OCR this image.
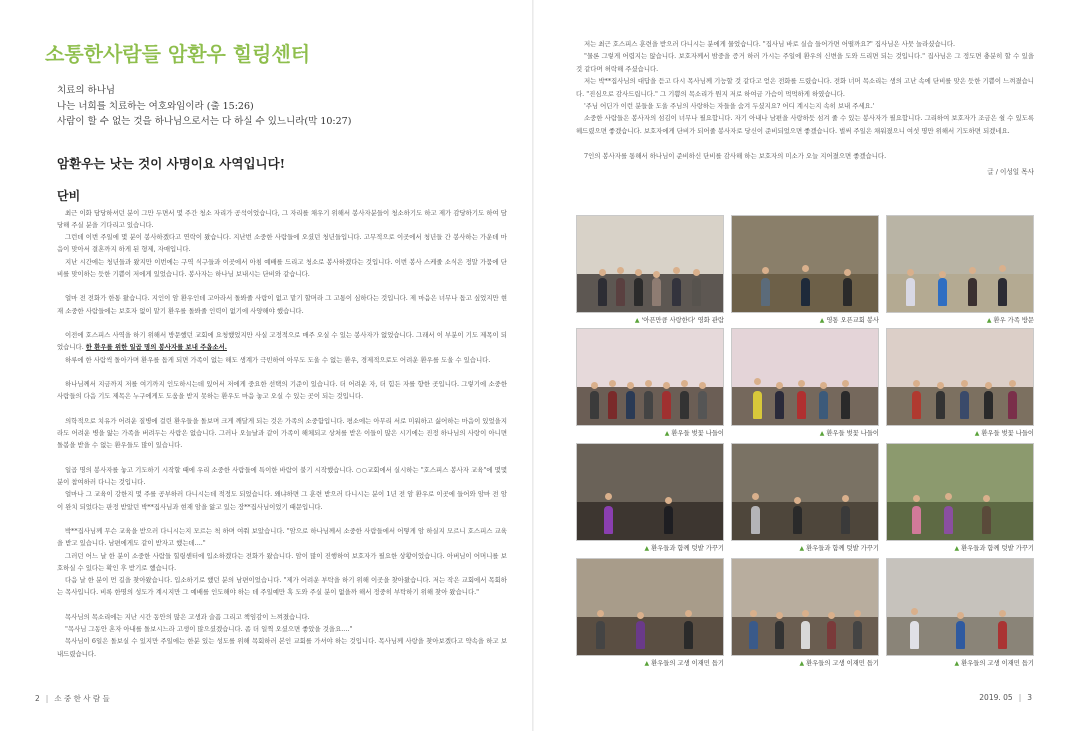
소통한사람들 암환우 힐링센터
치료의 하나님
나는 너희를 치료하는 여호와임이라 (출 15:26)
사람이 할 수 없는 것을 하나님으로서는 다 하실 수 있느니라(막 10:27)
암환우는 낫는 것이 사명이요 사역입니다!
단비

최근 이화 담당하셔던 분이 그만 두면서 몇 주간 청소 자리가 공석이었습니다, 그 자리를 채우기 위해서 봉사자분들이 청소하기도 하고 제가 감당하기도 하여 담당해 주실 분을 기다리고 있습니다.

그런데 이번 주일에 몇 분이 봉사하겠다고 연락이 왔습니다. 지난번 소중한 사람들에 오셨던 청년들입니다. 고무적으로 이곳에서 청년들 간 봉사하는 가운데 마음이 맞아서 결혼까지 하게 된 형제, 자매입니다.

지난 시간에는 청년들과 왔지만 이번에는 구역 식구들과 이곳에서 아침 예배를 드리고 청소로 봉사하겠다는 것입니다. 이번 봉사 스케줄 소식은 정말 가뭄에 단비를 맞이하는 듯한 기쁨이 저에게 있었습니다. 봉사자는 하나님 보내시는 단비와 같습니다.

얼마 전 전화가 한통 왔습니다. 지인이 암 환우인데 고아라서 돌봐줄 사람이 없고 맡기 할머라 그 고통이 심하다는 것입니다. 제 마음은 너무나 돕고 싶었지만 현재 소중한 사람들에는 보호자 없이 맡기 환우를 돌봐줄 인력이 없기에 사양해야 했습니다.

이전에 호스피스 사역을 하기 위해서 방문했던 교회에 요청했었지만 사실 고정적으로 매주 오실 수 있는 봉사자가 없었습니다. 그래서 이 부분이 기도 제목이 되었습니다. 한 환우를 위한 일곱 명의 봉사자를 보내 주옵소서.

하루에 한 사람씩 돌아가며 환우를 돕게 되면 가족이 없는 해도 생계가 극빈하여 아무도 도울 수 없는 환우, 경제적으로도 어려운 환우를 도울 수 있습니다.

하나님께서 지금까지 저를 여기까지 인도하시는데 있어서 저에게 중요한 선택의 기준이 있습니다. 더 어려운 자, 더 힘든 자를 향한 곳입니다. 그렇기에 소중한 사람들의 다음 기도 제목은 누구에게도 도움을 받지 못하는 환우도 마음 놓고 오실 수 있는 곳이 되는 것입니다.

의학적으로 치유가 어려운 질병에 걸린 환우들을 돌보며 크게 깨달게 되는 것은 가족의 소중함입니다. 평소에는 아무리 서로 미워하고 싫어하는 마음이 있었을지라도 어려운 병을 앓는 가족을 버려두는 사람은 없습니다. 그러나 오늘날과 같이 가족이 해체되고 상처를 받은 이들이 많은 시기에는 진정 하나님의 사랑이 아니면 돌봄을 받을 수 없는 환우들도 많이 있습니다.

일곱 명의 봉사자를 놓고 기도하기 시작할 때에 우리 소중한 사람들에 특이한 바람이 불기 시작했습니다. ○○교회에서 실시하는 "호스피스 봉사자 교육"에 몇몇 분이 참여하러 다니는 것입니다.

얼마나 그 교육이 강한지 몇 주를 공부하러 다니시는데 적정도 되었습니다. 왜냐하면 그 훈련 받으러 다니시는 분이 1년 전 암 환우로 이곳에 들어와 암마 전 암이 완치 되었다는 판정 받았던 박**집사님과 현재 암을 앓고 있는 장**집사님이었기 때문입니다.

박**집사님께 무슨 교육을 받으러 다니시는지 모르는 척 하며 여쭤 보았습니다. "암으로 하나님께서 소중한 사람들에서 어떻게 암 하실지 모르니 호스피스 교육을 받고 있습니다. 남편에게도 같이 받자고 했는데...."

그러던 어느 날 한 분이 소중한 사람들 힐링센터에 입소하겠다는 전화가 왔습니다. 암이 많이 진행하여 보호자가 필요한 상황이었습니다. 아버님이 어머니를 보호하실 수 있다는 확인 후 받기로 했습니다.

다음 날 한 분이 먼 길을 찾아왔습니다. 입소하기로 했던 분의 남편이었습니다. "제가 어려운 부탁을 하기 위해 이곳을 찾아왔습니다. 저는 작은 교회에서 목회하는 목사입니다. 비록 한명의 성도가 계시지만 그 예배를 인도해야 하는 데 주일예만 혹 도와 주실 분이 없을까 해서 정중히 부탁하기 위해 찾아 왔습니다."

목사님의 목소리에는 지난 시간 동안의 많은 고생과 슬픔 그리고 책임감이 느껴졌습니다.

"목사님 그동안 혼자 아내를 돌보시느라 고생이 많으셨겠습니다. 좀 더 일찍 오셨으면 좋았을 것을요...."

목사님이 6일은 돌보실 수 있지만 주일에는 한분 있는 성도를 위해 목회하러 본인 교회를 가셔야 하는 것입니다. 목사님께 사랑을 찾아보겠다고 약속을 하고 보내드렸습니다.

저는 최근 호스피스 훈련을 받으러 다니시는 분에게 물었습니다. "집사님 바로 실습 들어가면 어떨까요?" 집사님은 사뭇 놀라셨습니다.

"물론 그렇게 어렵지는 않습니다. 보호자께서 밤중을 증거 하러 가시는 주일에 환우의 신변을 도와 드리면 되는 것입니다." 집사님은 그 정도면 충분히 할 수 있을 것 같다며 허락해 주셨습니다.

저는 박**집사님의 대답을 듣고 다시 목사님께 기능할 것 같다고 얻은 전화를 드렸습니다. 전화 너머 목소리는 생의 고난 속에 단비를 맞은 듯한 기쁨이 느껴졌습니다. "진심으로 감사드립니다." 그 기쁨의 목소리가 뭔지 저로 하여금 가슴이 먹먹하게 하였습니다.

'주님 어딘가 이런 분들을 도울 주님의 사랑하는 자들을 숨겨 두셨지요? 어디 계시는지 속히 보내 주세요.'

소중한 사람들은 봉사자의 섬김이 너무나 필요합니다. 자기 아내나 남편을 사랑하듯 섬겨 줄 수 있는 봉사자가 필요합니다. 그리하여 보호자가 조금은 쉴 수 있도록 헤드렸으면 좋겠습니다. 보호자에게 단비가 되어줄 봉사자로 당신이 준비되었으면 좋겠습니다. 벌써 주일은 채워졌으니 여섯 명만 위해서 기도하면 되겠네요.

7인의 봉사자를 통해서 하나님이 준비하신 단비를 감사해 하는 보호자의 미소가 오늘 지어졌으면 좋겠습니다.

글 / 이성일 목사
▲ '아픈만큼 사랑한다' 영화 관람	▲ 영통 오픈교회 봉사	▲ 환우 가족 방문
▲ 환우들 벚꽃 나들이	▲ 환우들 벚꽃 나들이	▲ 환우들 벚꽃 나들이
▲ 환우들과 함께 텃밭 가꾸기	▲ 환우들과 함께 텃밭 가꾸기	▲ 환우들과 함께 텃밭 가꾸기
▲ 환우들의 고생 이재민 돕기	▲ 환우들의 고생 이재민 돕기	▲ 환우들의 고생 이재민 돕기
2 | 소 중 한 사 람 들	2019. 05 | 3
